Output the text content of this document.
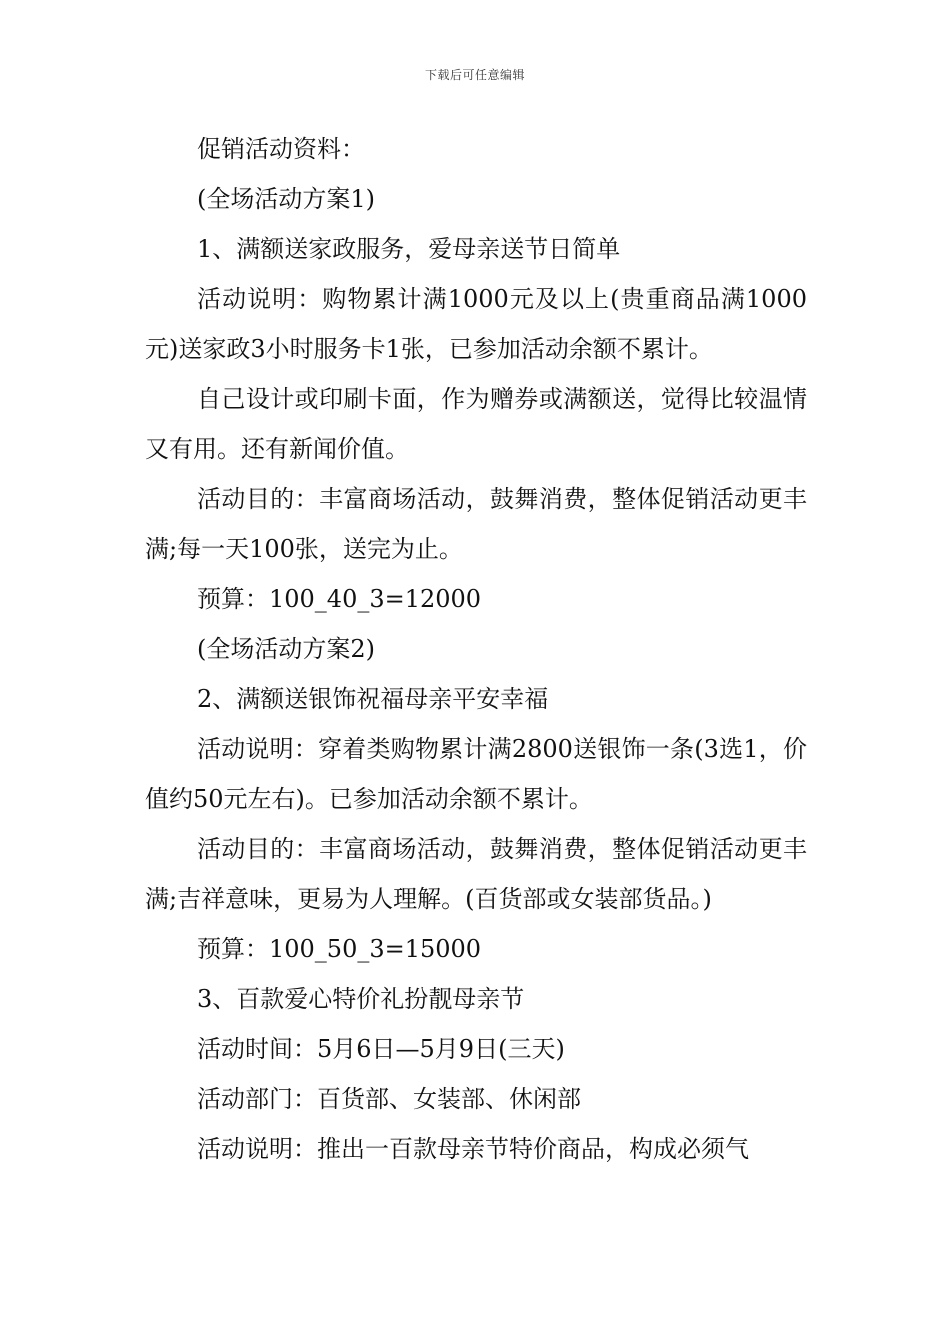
下载后可任意编辑

促销活动资料：

(全场活动方案1)

1、满额送家政服务，爱母亲送节日简单

活动说明：购物累计满1000元及以上(贵重商品满1000元)送家政3小时服务卡1张，已参加活动余额不累计。

自己设计或印刷卡面，作为赠券或满额送，觉得比较温情又有用。还有新闻价值。

活动目的：丰富商场活动，鼓舞消费，整体促销活动更丰满;每一天100张，送完为止。

预算：100_40_3=12000

(全场活动方案2)

2、满额送银饰祝福母亲平安幸福

活动说明：穿着类购物累计满2800送银饰一条(3选1，价值约50元左右)。已参加活动余额不累计。

活动目的：丰富商场活动，鼓舞消费，整体促销活动更丰满;吉祥意味，更易为人理解。(百货部或女装部货品。)

预算：100_50_3=15000

3、百款爱心特价礼扮靓母亲节

活动时间：5月6日—5月9日(三天)

活动部门：百货部、女装部、休闲部

活动说明：推出一百款母亲节特价商品，构成必须气
